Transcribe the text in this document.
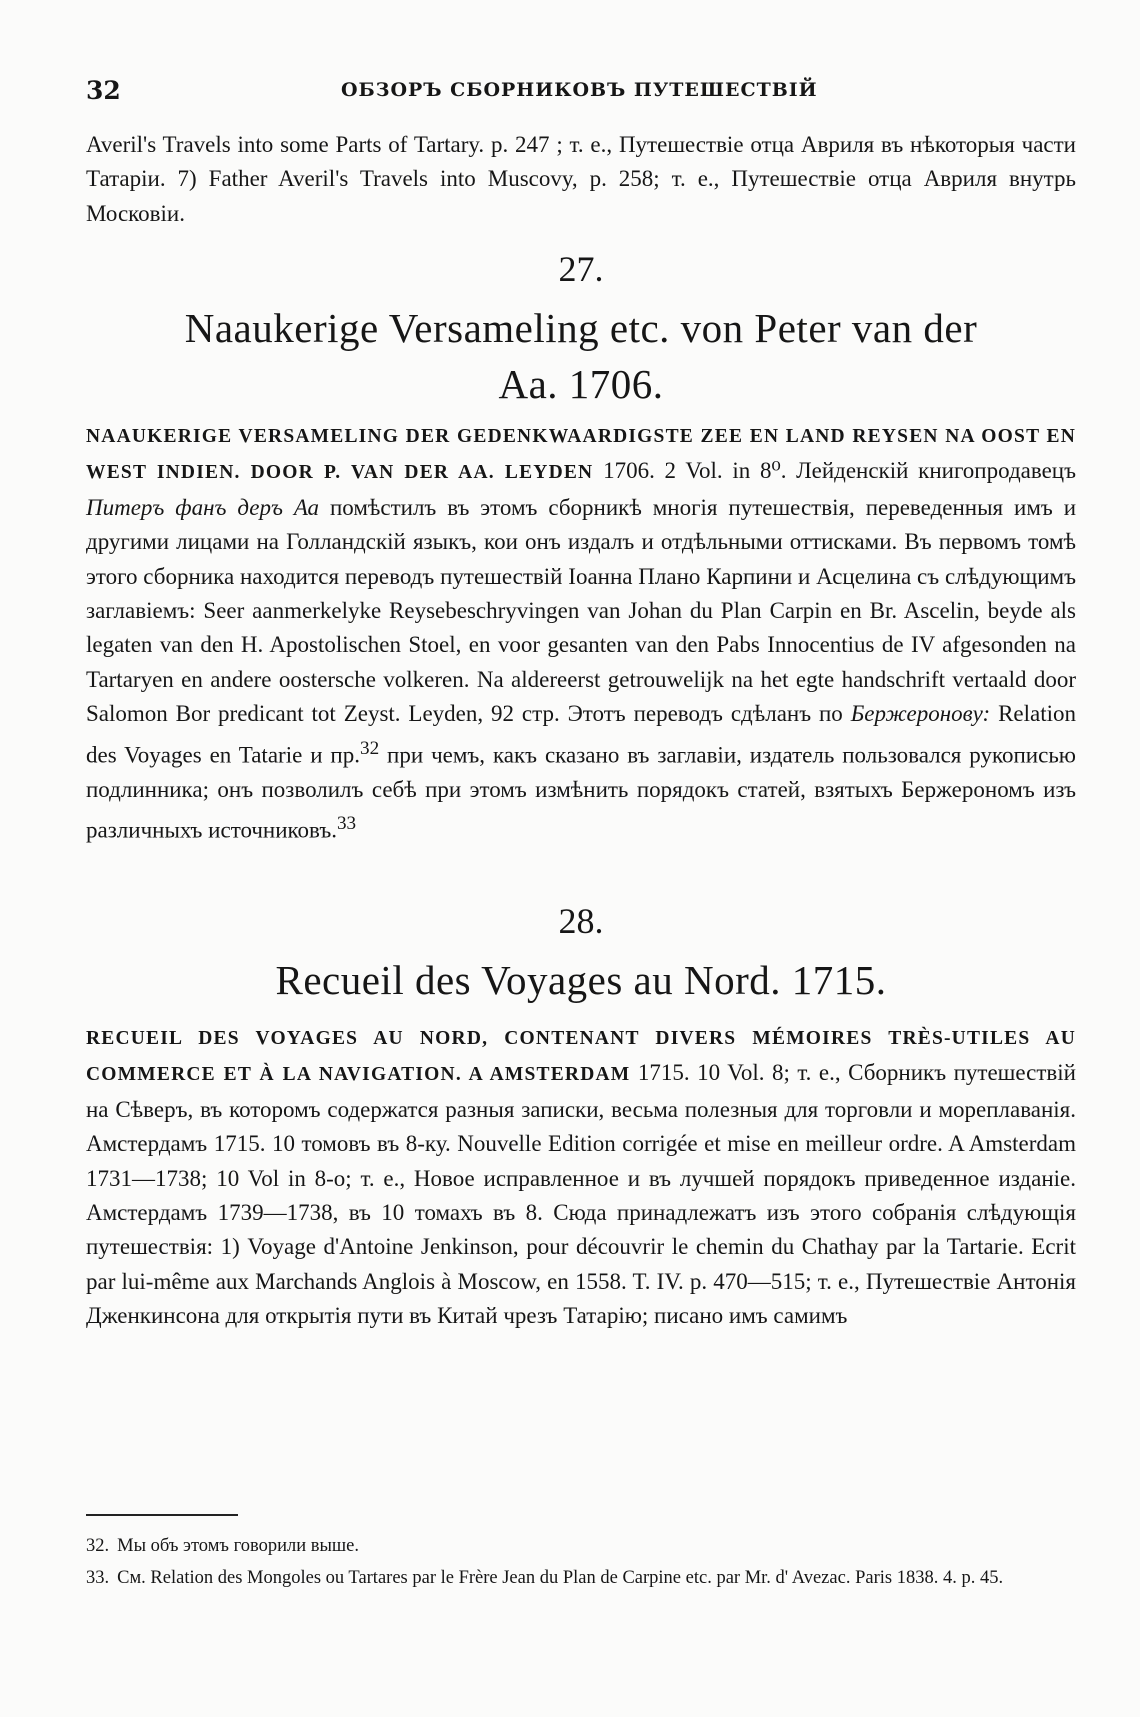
32	ОБЗОРЪ СБОРНИКОВЪ ПУТЕШЕСТВІЙ

Averil's Travels into some Parts of Tartary. p. 247 ; т. е., Путешествіе отца Авриля въ нѣкоторыя части Татаріи. 7) Father Averil's Travels into Muscovy, p. 258; т. е., Путешествіе отца Авриля внутрь Московіи.

27.
Naaukerige Versameling etc. von Peter van der
Aa. 1706.

NAAUKERIGE VERSAMELING DER GEDENKWAARDIGSTE ZEE EN LAND REYSEN NA OOST EN WEST INDIEN. DOOR P. VAN DER AA. LEYDEN 1706. 2 Vol. in 8⁰. Лейденскій книгопродавецъ Питеръ фанъ деръ Аа помѣстилъ въ этомъ сборникѣ многія путешествія, переведенныя имъ и другими лицами на Голландскій языкъ, кои онъ издалъ и отдѣльными оттисками. Въ первомъ томѣ этого сборника находится переводъ путешествій Іоанна Плано Карпини и Асцелина съ слѣдующимъ заглавіемъ: Seer aanmerkelyke Reysebeschryvingen van Johan du Plan Carpin en Br. Ascelin, beyde als legaten van den H. Apostolischen Stoel, en voor gesanten van den Pabs Innocentius de IV afgesonden na Tartaryen en andere oostersche volkeren. Na aldereerst getrouwelijk na het egte handschrift vertaald door Salomon Bor predicant tot Zeyst. Leyden, 92 стр. Этотъ переводъ сдѣланъ по Бержеронову: Relation des Voyages en Tatarie и пр.$^{32}$ при чемъ, какъ сказано въ заглавіи, издатель пользовался рукописью подлинника; онъ позволилъ себѣ при этомъ измѣнить порядокъ статей, взятыхъ Бержерономъ изъ различныхъ источниковъ.$^{33}$

28.
Recueil des Voyages au Nord. 1715.

RECUEIL DES VOYAGES AU NORD, CONTENANT DIVERS MÉMOIRES TRÈS-UTILES AU COMMERCE ET À LA NAVIGATION. A AMSTERDAM 1715. 10 Vol. 8; т. е., Сборникъ путешествій на Сѣверъ, въ которомъ содержатся разныя записки, весьма полезныя для торговли и мореплаванія. Амстердамъ 1715. 10 томовъ въ 8-ку. Nouvelle Edition corrigée et mise en meilleur ordre. A Amsterdam 1731—1738; 10 Vol in 8-o; т. е., Новое исправленное и въ лучшей порядокъ приведенное изданіе. Амстердамъ 1739—1738, въ 10 томахъ въ 8. Сюда принадлежатъ изъ этого собранія слѣдующія путешествія: 1) Voyage d'Antoine Jenkinson, pour découvrir le chemin du Chathay par la Tartarie. Ecrit par lui-même aux Marchands Anglois à Moscow, en 1558. T. IV. p. 470—515; т. е., Путешествіе Антонія Дженкинсона для открытія пути въ Китай чрезъ Татарію; писано имъ самимъ

32. Мы объ этомъ говорили выше.

33. См. Relation des Mongoles ou Tartares par le Frère Jean du Plan de Carpine etc. par Mr. d' Avezac. Paris 1838. 4. p. 45.
